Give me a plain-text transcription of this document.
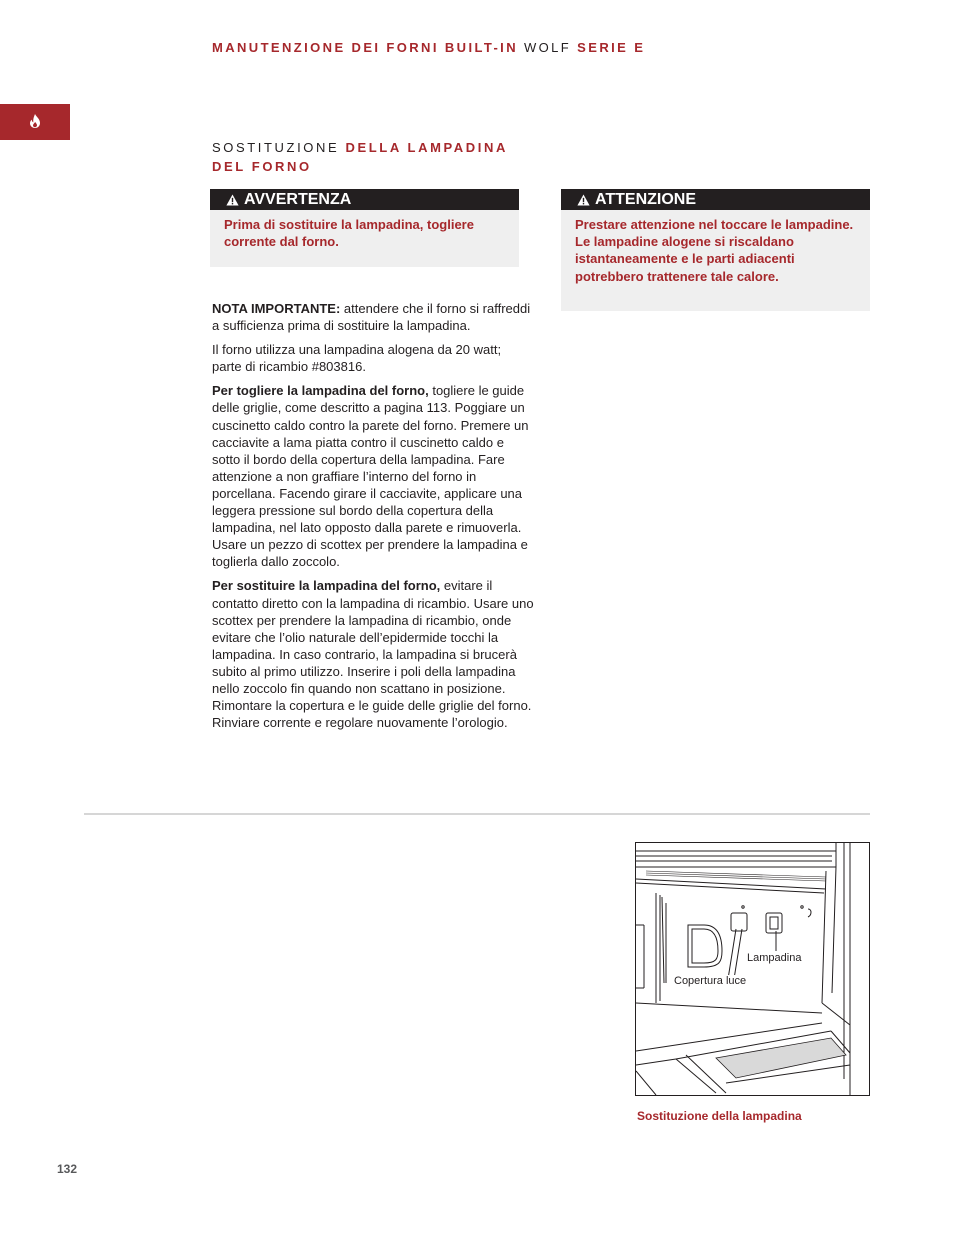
MANUTENZIONE DEI FORNI BUILT-IN WOLF SERIE E
SOSTITUZIONE DELLA LAMPADINA DEL FORNO
AVVERTENZA
Prima di sostituire la lampadina, togliere corrente dal forno.
ATTENZIONE
Prestare attenzione nel toccare le lampadine. Le lampadine alogene si riscaldano istantaneamente e le parti adiacenti potrebbero trattenere tale calore.

NOTA IMPORTANTE: attendere che il forno si raffreddi a sufficienza prima di sostituire la lampadina.

Il forno utilizza una lampadina alogena da 20 watt; parte di ricambio #803816.

Per togliere la lampadina del forno, togliere le guide delle griglie, come descritto a pagina 113. Poggiare un cuscinetto caldo contro la parete del forno. Premere un cacciavite a lama piatta contro il cuscinetto caldo e sotto il bordo della copertura della lampadina. Fare attenzione a non graffiare l’interno del forno in porcellana. Facendo girare il cacciavite, applicare una leggera pressione sul bordo della copertura della lampadina, nel lato opposto dalla parete e rimuoverla. Usare un pezzo di scottex per prendere la lampadina e toglierla dallo zoccolo.

Per sostituire la lampadina del forno, evitare il contatto diretto con la lampadina di ricambio. Usare uno scottex per prendere la lampadina di ricambio, onde evitare che l’olio naturale dell’epidermide tocchi la lampadina. In caso contrario, la lampadina si brucerà subito al primo utilizzo. Inserire i poli della lampadina nello zoccolo fin quando non scattano in posizione. Rimontare la copertura e le guide delle griglie del forno. Rinviare corrente e regolare nuovamente l’orologio.

Lampadina
Copertura luce
Sostituzione della lampadina
132
